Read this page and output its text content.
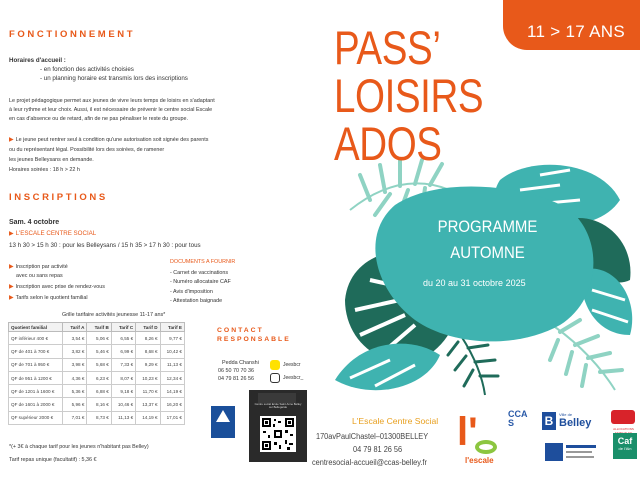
FONCTIONNEMENT
Horaires d'accueil :
- en fonction des activités choisies
- un planning horaire est transmis lors des inscriptions
Le projet pédagogique permet aux jeunes de vivre leurs temps de loisirs en s'adaptant
à leur rythme et leur choix. Aussi, il est nécessaire de prévenir le centre social Escale
en cas d'absence ou de retard, afin de ne pas pénaliser le reste du groupe.
▶ Le jeune peut rentrer seul à condition qu'une autorisation soit signée des parents
ou du représentant légal. Possibilité lors des soirées, de ramener
les jeunes Belleysans en demande.
Horaires soirées : 18 h > 22 h
INSCRIPTIONS
Sam. 4 octobre
▶ L'ESCALE CENTRE SOCIAL
13 h 30 > 15 h 30 : pour les Belleysans / 15 h 35 > 17 h 30 : pour tous
▶ Inscription par activité
avec ou sans repas
▶ Inscription avec prise de rendez-vous
▶ Tarifs selon le quotient familial
DOCUMENTS A FOURNIR
- Carnet de vaccinations
- Numéro allocataire CAF
- Avis d'imposition
- Attestation baignade
Grille tarifaire activités jeunesse 11-17 ans*
Quotient familial	Tarif A	Tarif B	Tarif C	Tarif D	Tarif E
QF inférieur 400 €	3,54 €	5,06 €	6,55 €	8,26 €	9,77 €
QF de 401 à 700 €	3,82 €	5,46 €	6,99 €	8,68 €	10,42 €
QF de 701 à 950 €	3,98 €	5,68 €	7,33 €	9,29 €	11,13 €
QF de 951 à 1200 €	4,36 €	6,23 €	8,07 €	10,23 €	12,34 €
QF de 1201 à 1600 €	5,36 €	6,88 €	9,18 €	11,70 €	14,19 €
QF de 1601 à 2000 €	5,96 €	8,16 €	10,46 €	13,37 €	16,20 €
QF supérieur 2000 €	7,01 €	8,73 €	11,13 €	14,19 €	17,01 €
*(+ 3€ à chaque tarif pour les jeunes n'habitant pas Belley)
Tarif repas unique (facultatif) : 5,36 €
CONTACT RESPONSABLE
Pedda Chanshi
06 50 70 70 36
04 79 81 26 56
Jeesbcr
Jeesbcr_
Centre social Ecole Saint Anne Belley sur Bellegarde
11 > 17 ANS
PASS’
LOISIRS
ADOS
PROGRAMME
AUTOMNE
du 20 au 31 octobre 2025
L'Escale Centre Social
170avPaulChastel–01300BELLEY
04 79 81 26 56
centresocial-accueil@ccas-belley.fr
l'
l'escale
CCAS	B	Ville de
Belley	ALLOCATIONS
Caf
de l'Ain
